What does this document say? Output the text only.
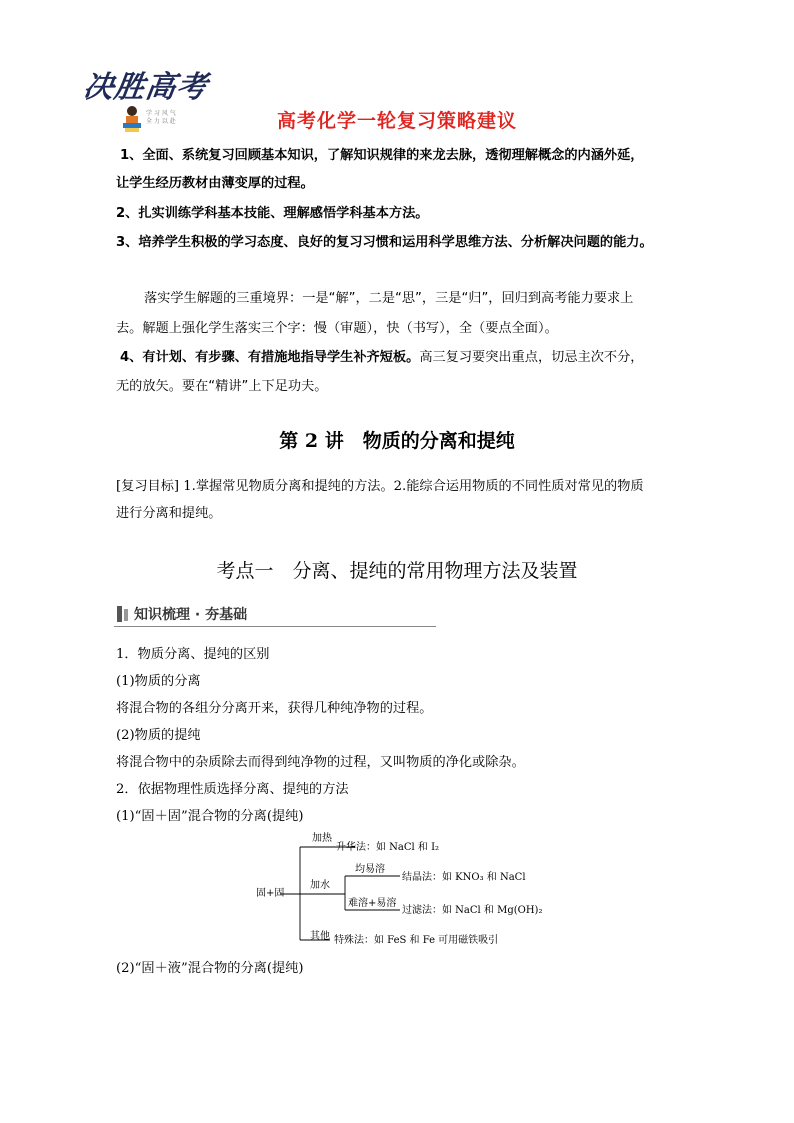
决胜高考
学 习 风 气
全 力 以 赴	高考化学一轮复习策略建议
1、全面、系统复习回顾基本知识，了解知识规律的来龙去脉，透彻理解概念的内涵外延，
让学生经历教材由薄变厚的过程。
2、扎实训练学科基本技能、理解感悟学科基本方法。
3、培养学生积极的学习态度、良好的复习习惯和运用科学思维方法、分析解决问题的能力。
落实学生解题的三重境界：一是“解”，二是“思”，三是“归”，回归到高考能力要求上
去。解题上强化学生落实三个字：慢（审题），快（书写），全（要点全面）。
4、有计划、有步骤、有措施地指导学生补齐短板。高三复习要突出重点，切忌主次不分，
无的放矢。要在“精讲”上下足功夫。
第 2 讲　物质的分离和提纯
[复习目标] 1.掌握常见物质分离和提纯的方法。2.能综合运用物质的不同性质对常见的物质
进行分离和提纯。
考点一　分离、提纯的常用物理方法及装置
知识梳理 · 夯基础
1．物质分离、提纯的区别
(1)物质的分离
将混合物的各组分分离开来，获得几种纯净物的过程。
(2)物质的提纯
将混合物中的杂质除去而得到纯净物的过程，又叫物质的净化或除杂。
2．依据物理性质选择分离、提纯的方法
(1)“固＋固”混合物的分离(提纯)
固+固
加热
升华法：如 NaCl 和 I₂
加水
均易溶
结晶法：如 KNO₃ 和 NaCl
难溶+易溶
过滤法：如 NaCl 和 Mg(OH)₂
其他 特殊法：如 FeS 和 Fe 可用磁铁吸引
(2)“固＋液”混合物的分离(提纯)
